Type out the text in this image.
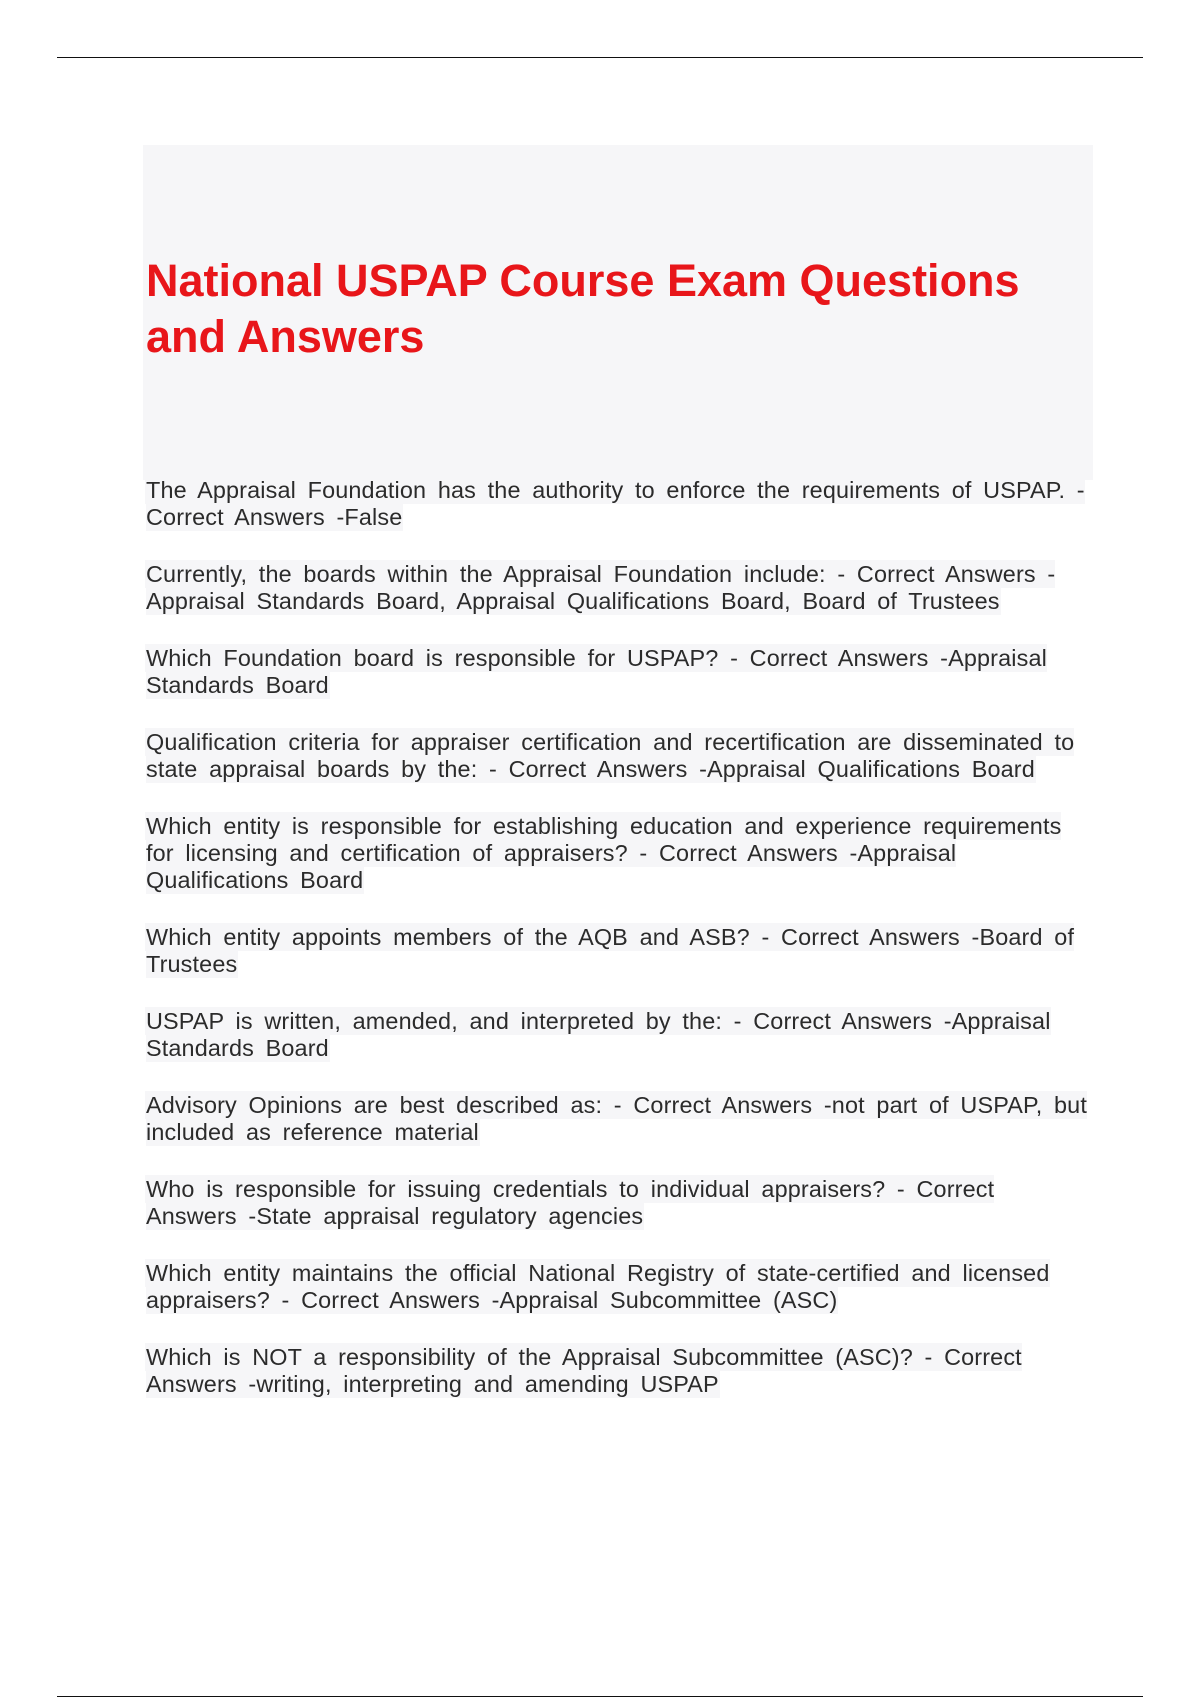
National USPAP Course Exam Questions and Answers

The Appraisal Foundation has the authority to enforce the requirements of USPAP. - Correct Answers -False

Currently, the boards within the Appraisal Foundation include: - Correct Answers -Appraisal Standards Board, Appraisal Qualifications Board, Board of Trustees

Which Foundation board is responsible for USPAP? - Correct Answers -Appraisal Standards Board

Qualification criteria for appraiser certification and recertification are disseminated to state appraisal boards by the: - Correct Answers -Appraisal Qualifications Board

Which entity is responsible for establishing education and experience requirements for licensing and certification of appraisers? - Correct Answers -Appraisal Qualifications Board

Which entity appoints members of the AQB and ASB? - Correct Answers -Board of Trustees

USPAP is written, amended, and interpreted by the: - Correct Answers -Appraisal Standards Board

Advisory Opinions are best described as: - Correct Answers -not part of USPAP, but included as reference material

Who is responsible for issuing credentials to individual appraisers? - Correct Answers -State appraisal regulatory agencies

Which entity maintains the official National Registry of state-certified and licensed appraisers? - Correct Answers -Appraisal Subcommittee (ASC)

Which is NOT a responsibility of the Appraisal Subcommittee (ASC)? - Correct Answers -writing, interpreting and amending USPAP
